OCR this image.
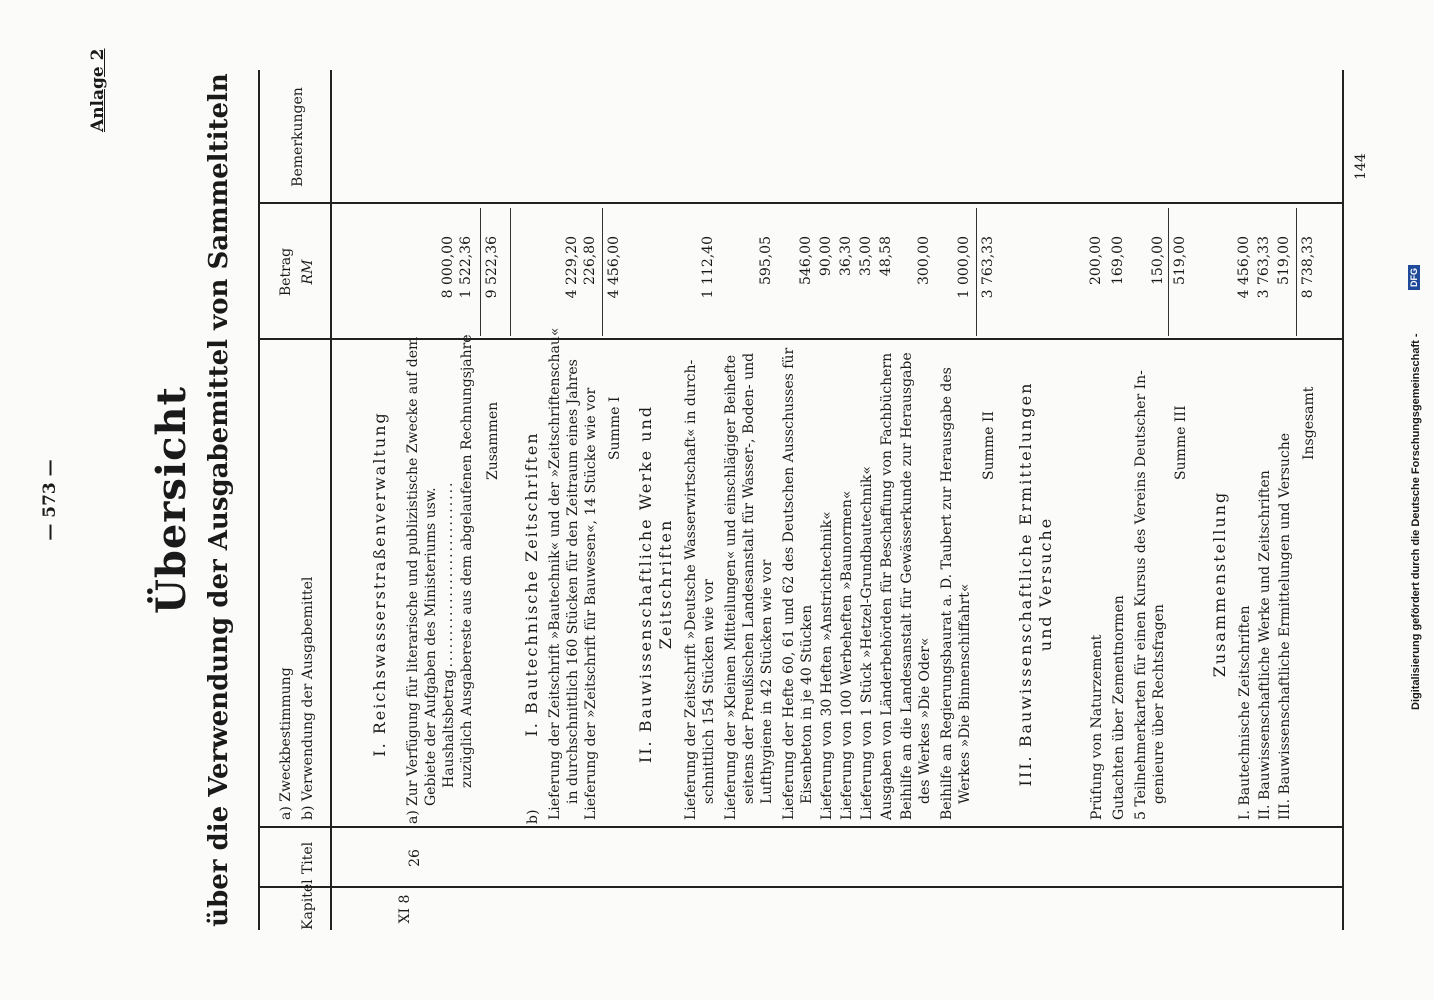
— 573 —
Anlage 2
Übersicht über die Verwendung der Ausgabemittel von Sammeltiteln	Kapitel
Titel
a) Zweckbestimmung b) Verwendung der Ausgabemittel
Betrag RM
Bemerkungen
XI 8
26
I. Reichswasserstraßenverwaltung
a)
Zur Verfügung für literarische und publizistische Zwecke auf dem Gebiete der Aufgaben des Ministeriums usw. Haushaltsbetrag
..............................
8 000,00
zuzüglich Ausgabereste aus dem abgelaufenen Rechnungsjahre
1 522,36
Zusammen
9 522,36
b)
I. Bautechnische Zeitschriften Lieferung der Zeitschrift »Bautechnik« und der »Zeitschriftenschau« in durchschnittlich 160 Stücken für den Zeitraum eines Jahres
4 229,20
Lieferung der »Zeitschrift für Bauwesen«, 14 Stücke wie vor
226,80
Summe I
4 456,00
II. Bauwissenschaftliche Werke und Zeitschriften Lieferung der Zeitschrift »Deutsche Wasserwirtschaft« in durch- schnittlich 154 Stücken wie vor
1 112,40
Lieferung der »Kleinen Mitteilungen« und einschlägiger Beihefte seitens der Preußischen Landesanstalt für Wasser-, Boden- und Lufthygiene in 42 Stücken wie vor
595,05
Lieferung der Hefte 60, 61 und 62 des Deutschen Ausschusses für Eisenbeton in je 40 Stücken
546,00
Lieferung von 30 Heften »Anstrichtechnik«
90,00
Lieferung von 100 Werbeheften »Baunormen«
36,30
Lieferung von 1 Stück »Hetzel-Grundbautechnik«
35,00
Ausgaben von Länderbehörden für Beschaffung von Fachbüchern
48,58
Beihilfe an die Landesanstalt für Gewässerkunde zur Herausgabe des Werkes »Die Oder«
300,00
Beihilfe an Regierungsbaurat a. D. Taubert zur Herausgabe des Werkes »Die Binnenschiffahrt«
1 000,00
Summe II
3 763,33
III. Bauwissenschaftliche Ermittelungen und Versuche
Prüfung von Naturzement
200,00
Gutachten über Zementnormen
169,00
5 Teilnehmerkarten für einen Kursus des Vereins Deutscher In- genieure über Rechtsfragen
150,00
Summe III
519,00
Zusammenstellung
I. Bautechnische Zeitschriften
4 456,00
II. Bauwissenschaftliche Werke und Zeitschriften
3 763,33
III. Bauwissenschaftliche Ermittelungen und Versuche
519,00
Insgesamt
8 738,33
144
Digitalisierung gefördert durch die Deutsche Forschungsgemeinschaft -
DFG
